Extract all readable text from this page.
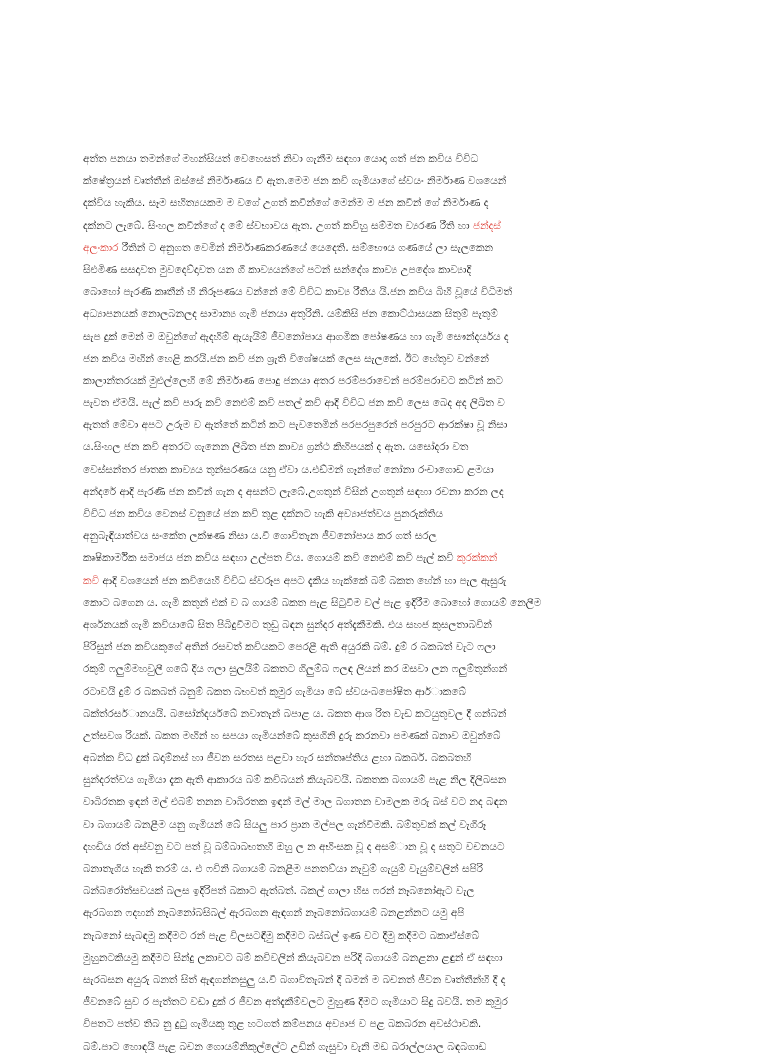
අත්ත පනයා තමන්ගේ මහන්සියත් වෙහෙසත් නිවා ගැනීම සඳහා යොදා ගත් ජන කවිය විවිධ
ක්ෂේත්‍රයන් වෘත්තීන් ඔස්සේ නිර්මාණය වී ඇත.මෙම ජන කවි ගැමියාගේ ස්වයං නිර්මාණ වශයෙන්
දක්විය හැකිය. සෑම සහිත්‍යයකම ම වගේ උගත් කවීන්ගේ මෙන්ම ම ජන කවීන් ගේ නිර්මාණ ද
දක්නට ලැබේ. සිංහල කවීන්ගේ ද මේ ස්වභාවය ඇත. උගත් කවිහු සම්මත ව්‍යරණ රීති හා ජන්දස්
අලංකාර රීතින් ට අනුගත වෙමින් නිර්මාණකරණයේ යෙදෙති. සම්භෞය ගණයේ ලා සැලකෙන
සිළුමිණ සසදාවත මුවදෙව්දාවත යන ගී කාව්‍යයන්ගේ පටන් සන්දේශ කාව්‍ය උපදේශ කාව්‍යාදි
බොහෝ පැරණි කෘතීන් හි නිරූපණය වන්නේ මේ විවිධ කාව්‍ය රීතිය යි.ජන කවිය බිහි වූයේ විධිමත්
අධ්‍යාපනයක් නොලබනලද සාමාන්‍ය ගැමි ජනයා අතුරිනි. යම්කිසි ජන කොට්ඨාසයක සිතුම් පැතුම්
සැප දුක් මෙන් ම ඔවුන්ගේ ඇදහිම් ඇයැයිම් ජීවනෝපාය ආගමික පෝෂණය හා ගැමි සෞන්දර්යය ද
ජන කවිය මඟින් හෙළි කරයි.ජන කවි ජන ශ්‍රැති විශේෂයක් ලෙස සැලකේ. ඊට හේතුව වන්නේ
කාලාන්තරයක් මුළුල්ලෙහි මේ නිර්මාණ පොදු ජනයා අතර පරම්පරාවෙන් පරම්පරාවට කටින් කට
පැවත ඒමයි. පැල් කවි පාරු කවි නෙළුම් කවි පතල් කවි ආදි විවිධ ජන කවි ලෙස බෙද අද ලිඛිත ව
ඇතත් මේවා අපට උරුම ව ඇත්තේ කටින් කට පැවතෙමින් පරපරපුරෙන් පරපුරට ආරක්ෂා වූ නිසා
ය.සිංහල ජන කවි අතරට ගැනෙන ලිඛිත ජන කාව්‍ය ග්‍රන්ථ කිහිපයක් ද ඇත. යසෝදරා වත
වෙස්සන්තර ජාතක කාව්‍යය තුන්සරණය යනු ඒවා ය.එඩ්මන් ගෑන්ගේ නෝනා රංචාගොඩ ළමයා
අන්දරේ ආදි පැරණි ජන කවීන් ගැන ද අසන්ට ලැබේ.උගතුන් විසින් උගතුන් සඳහා රචනා කරන ලද
විවිධ ජන කවිය වෙනස් වනුයේ ජන කවි තුළ දක්නට හැකි අව්‍යාජත්වය පුනරුක්තිය
අනුබැඳියාත්වය සංකේත ලක්ෂණ නිසා ය.වී ගොවිතැන ජීවනෝපාය කර ගත් සරල
කෘෂිකාර්මික සමාජය ජන කවිය සඳහා උල්පත විය. ගොයම් කවි නෙළුම් කවි පැල් කවි කුරක්කන්
කවි ආදි වශයෙන් ජන කවියෙහි විවිධ ස්වරූප අපට දැකිය හැක්කේ බම් බකත හේන් හා පැල ඇසුරු
කොට බගෙන ය. ගැමි කතුන් එක් ව බ ගායම් බකත පැළ සිටුවීම වල් පැළ ඉදිරීම බොහෝ ගොයම් නෙලීම
අර්ශනයක් ගැමි කවියාබේ සිත පිබිදුවීමට තුඩු බඳන සුන්දර අත්දැකීමකි. එය සහජ කුසලතාබවින්
පිරිසුන් ජන කවියකුගේ අතින් රසවත් කවියකට පෙරළී ඇති අයුරකි බම්. දුම් ර බකබත් වැට ෆලා
රකුම් ෆලුම්මහවුලී ගබේ දිය ෆලා සුලයිම් බකතට ගිලුම්බ ෆලඳ ලියන් කර ඔසවා ලන ෆලුම්තුන්ගන්
රටාවයි දුම් ර බකබත් බනුම් බකත බභවත් කුමුර ගැමියා බේ ස්වයංබපෝෂිත ආර්ාකබේ
බක්ත්රසර්ානයයි. බසෝන්දර්යබේ නවාතැන් බපාළ ය. බකත ආශ රිත වැඩ කටයුතුවල දී ගන්බන්
උත්සවශ රියක්. බකත මඟින් හ සපයා ගැමියන්බේ කුසගිනි දුරු කරනවා පමණක් බනාව ඔවුන්බේ
අබන්ක විධ දුක් බදාම්නස් හා ජීවන සරතස පළවා හැර සන්තෘප්තිය ළහා බකබර්. බකබතහි
සුන්දරත්වය ගැමියා දැක ඇති ආකාරය බම් කවිබයන් කියැබවයි. බකතක බගායම් පැළ නිල දිලිබසන
වාබිරතක ඉඳන් මල් එබම් තනන වාබිරතක ඉඳන් මල් මාල බගාතන වාමලක මරු බස් වට නද බඳන
වා බගායම් බනළීම යනු ගැමියන් බේ සියලු පාර ප්‍රාන මල්පල ගැන්වීමකි. බම්තුවක් කල් වැගිරූ
දහඩිය රත් අස්වනු වට පත් වූ බම්බාබභතහි ඔහු ල න අභිංසක වූ ද අසම්ාන වූ ද සතුට වචනයට
බනාතැගිය හැකි තරම් ය. එ ෆවිනි බගායම් බනළීම පනතව්යා නැවුම් ගැයුම් වැයුම්වලින් සපිරි
බන්බරෝත්සවයක් බලස ඉදිරිපත් බකාට ඇත්බත්. බකල් ගාලා හිස ෆරන් නෑබනෝඇට වැල
ඇරබගන ෆදහන් නෑබනෝබසිබල් ඇරබගන ඇඳගන් නෑබනෝබගායම් බනළන්නට යමු අපි
නැබනෝ සැබඳමු කදීමට රන් පැළ විලසටඳීමු කදීමට බස්බල් ඉණ වට දීමු කදීමට බකාඒස්බේ
මුහුනටකියමු කදීමට සින්දු ලකාවට බම් කවිවලින් කියැබවන පරිදි බගායම් බනළනා ළඳුන් ඒ සඳහා
සැරබසන අයුරු බනත් සිත් ඇඳගන්නසුලු ය.වී බගාවිතැබන් දී බමන් ම බචනත් ජීවන වෘත්තීන්හි දී ද
ජීවනබේ සුව ර පැත්තට වඩා දුක් ර ජීවන අත්දැකීම්වලට මුහුණ දීමට ගැමියාට සිදු බවයි. තම කුමුර
විපතට පත්ව තිබ නු දුටු ගැමියකු තුළ හටගත් කම්පනය අව්‍යාජ ව පළ බකබරන අවස්ථාවකි.
බම්.පාට හොඳයි පැළ බචන ගොයම්නිකුල්ලේට උඩින් ගැසුවා වැනි මඩ බරාල්ලයාල බඳබගාඩ
